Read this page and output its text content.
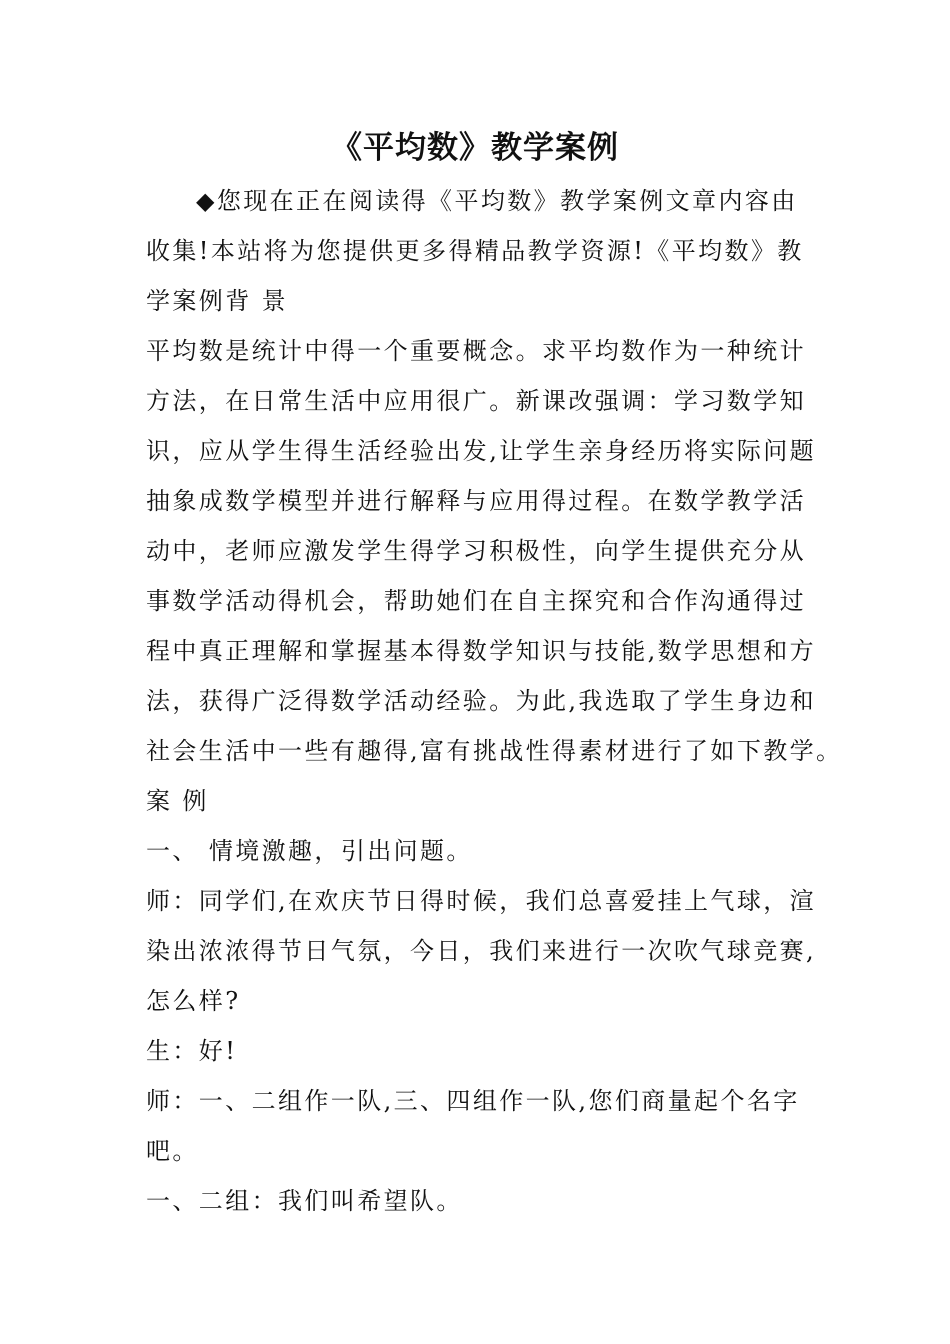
《平均数》教学案例
◆您现在正在阅读得《平均数》教学案例文章内容由
收集!本站将为您提供更多得精品教学资源!《平均数》教
学案例背 景
平均数是统计中得一个重要概念。求平均数作为一种统计
方法，在日常生活中应用很广。新课改强调：学习数学知
识，应从学生得生活经验出发,让学生亲身经历将实际问题
抽象成数学模型并进行解释与应用得过程。在数学教学活
动中，老师应激发学生得学习积极性，向学生提供充分从
事数学活动得机会，帮助她们在自主探究和合作沟通得过
程中真正理解和掌握基本得数学知识与技能,数学思想和方
法，获得广泛得数学活动经验。为此,我选取了学生身边和
社会生活中一些有趣得,富有挑战性得素材进行了如下教学。
案 例
一、 情境激趣，引出问题。
师：同学们,在欢庆节日得时候，我们总喜爱挂上气球，渲
染出浓浓得节日气氛，今日，我们来进行一次吹气球竞赛,
怎么样?
生：好!
师：一、二组作一队,三、四组作一队,您们商量起个名字
吧。
一、二组：我们叫希望队。
